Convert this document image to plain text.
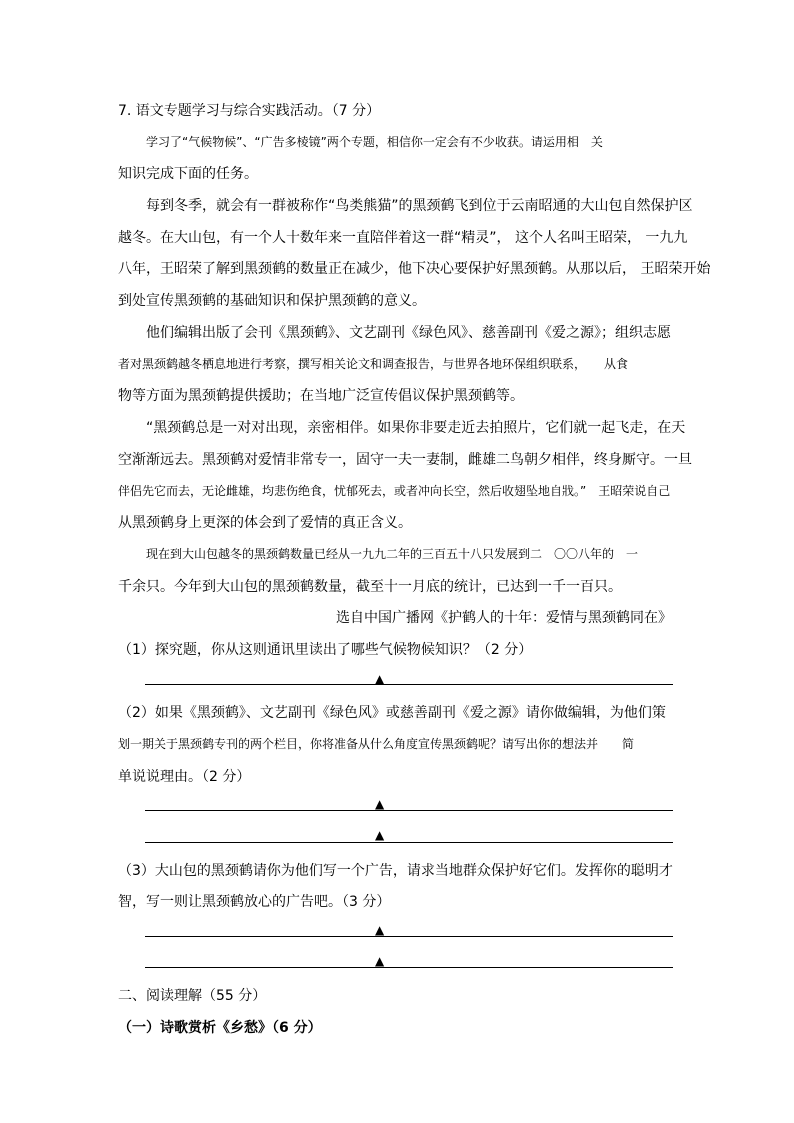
7. 语文专题学习与综合实践活动。（7 分）
学习了“气候物候”、“广告多棱镜”两个专题，相信你一定会有不少收获。请运用相　关
知识完成下面的任务。
每到冬季，就会有一群被称作“鸟类熊猫”的黑颈鹤飞到位于云南昭通的大山包自然保护区
越冬。在大山包，有一个人十数年来一直陪伴着这一群“精灵”， 这个人名叫王昭荣， 一九九
八年，王昭荣了解到黑颈鹤的数量正在减少，他下决心要保护好黑颈鹤。从那以后， 王昭荣开始
到处宣传黑颈鹤的基础知识和保护黑颈鹤的意义。
他们编辑出版了会刊《黑颈鹤》、文艺副刊《绿色风》、慈善副刊《爱之源》；组织志愿
者对黑颈鹤越冬栖息地进行考察，撰写相关论文和调查报告，与世界各地环保组织联系，　　从食
物等方面为黑颈鹤提供援助；在当地广泛宣传倡议保护黑颈鹤等。
“黑颈鹤总是一对对出现，亲密相伴。如果你非要走近去拍照片，它们就一起飞走，在天
空渐渐远去。黑颈鹤对爱情非常专一，固守一夫一妻制，雌雄二鸟朝夕相伴，终身厮守。一旦
伴侣先它而去，无论雌雄，均悲伤绝食，忧郁死去，或者冲向长空，然后收翅坠地自戕。”　王昭荣说自己
从黑颈鹤身上更深的体会到了爱情的真正含义。
现在到大山包越冬的黑颈鹤数量已经从一九九二年的三百五十八只发展到二　〇〇八年的　一
千余只。今年到大山包的黑颈鹤数量，截至十一月底的统计，已达到一千一百只。
选自中国广播网《护鹤人的十年：爱情与黑颈鹤同在》
（1）探究题，你从这则通讯里读出了哪些气候物候知识？（2 分）
▲
（2）如果《黑颈鹤》、文艺副刊《绿色风》或慈善副刊《爱之源》请你做编辑，为他们策
划一期关于黑颈鹤专刊的两个栏目，你将准备从什么角度宣传黑颈鹤呢？请写出你的想法并　　简
单说说理由。（2 分）
▲
▲
（3）大山包的黑颈鹤请你为他们写一个广告，请求当地群众保护好它们。发挥你的聪明才
智，写一则让黑颈鹤放心的广告吧。（3 分）
▲
▲
二、阅读理解（55 分）
（一）诗歌赏析《乡愁》（6 分）
